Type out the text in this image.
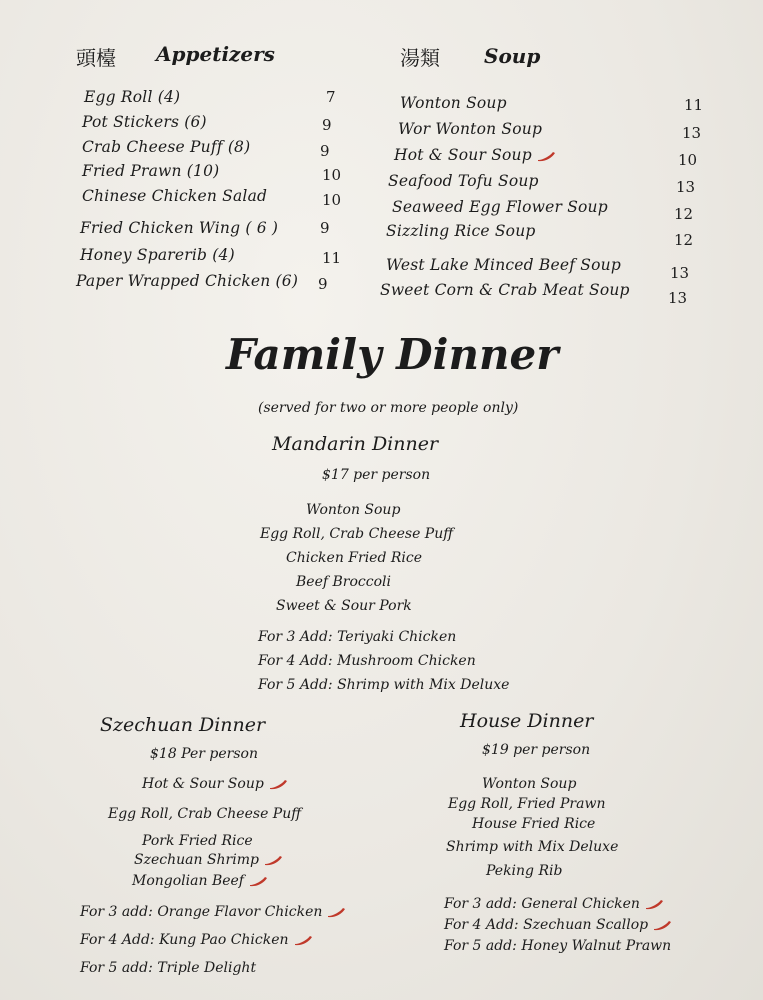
頭檯 Appetizers	湯類 Soup
Egg Roll (4)	7
Pot Stickers (6)	9
Crab Cheese Puff (8)	9
Fried Prawn (10)	10
Chinese Chicken Salad	10
Fried Chicken Wing ( 6 )	9
Honey Sparerib (4)	11
Paper Wrapped Chicken (6) 9
Wonton Soup	11
Wor Wonton Soup	13
Hot & Sour Soup	10
Seafood Tofu Soup	13
Seaweed Egg Flower Soup	12
Sizzling Rice Soup	12
West Lake Minced Beef Soup	13
Sweet Corn & Crab Meat Soup	13
Family Dinner
(served for two or more people only)
Mandarin Dinner
$17 per person
Wonton Soup
Egg Roll, Crab Cheese Puff
Chicken Fried Rice
Beef Broccoli
Sweet & Sour Pork
For 3 Add: Teriyaki Chicken
For 4 Add: Mushroom Chicken
For 5 Add: Shrimp with Mix Deluxe
Szechuan Dinner
$18 Per person
Hot & Sour Soup
Egg Roll, Crab Cheese Puff
Pork Fried Rice
Szechuan Shrimp
Mongolian Beef
For 3 add: Orange Flavor Chicken
For 4 Add: Kung Pao Chicken
For 5 add: Triple Delight
House Dinner
$19 per person
Wonton Soup
Egg Roll, Fried Prawn
House Fried Rice
Shrimp with Mix Deluxe
Peking Rib
For 3 add: General Chicken
For 4 Add: Szechuan Scallop
For 5 add: Honey Walnut Prawn
